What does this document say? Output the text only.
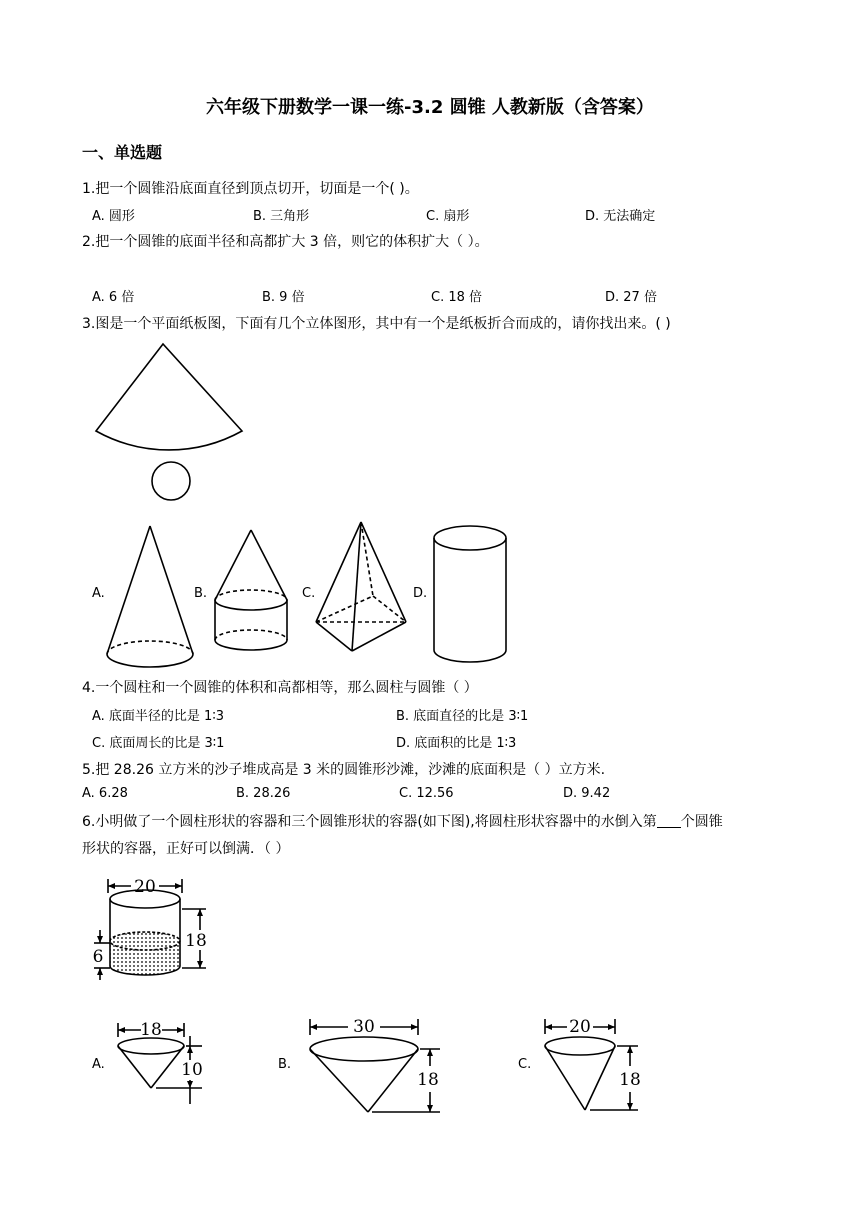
六年级下册数学一课一练-3.2 圆锥 人教新版（含答案）
一、单选题
1.把一个圆锥沿底面直径到顶点切开，切面是一个( )。
A. 圆形	B. 三角形	C. 扇形	D. 无法确定
2.把一个圆锥的底面半径和高都扩大 3 倍，则它的体积扩大（ ）。
A. 6 倍	B. 9 倍	C. 18 倍	D. 27 倍
3.图是一个平面纸板图，下面有几个立体图形，其中有一个是纸板折合而成的，请你找出来。( )
A.	B.	C.	D.
4.一个圆柱和一个圆锥的体积和高都相等，那么圆柱与圆锥（ ）
A. 底面半径的比是 1∶3	B. 底面直径的比是 3∶1
C. 底面周长的比是 3∶1	D. 底面积的比是 1∶3
5.把 28.26 立方米的沙子堆成高是 3 米的圆锥形沙滩，沙滩的底面积是（ ）立方米.
A. 6.28	B. 28.26	C. 12.56	D. 9.42
6.小明做了一个圆柱形状的容器和三个圆锥形状的容器(如下图),将圆柱形状容器中的水倒入第 个圆锥
形状的容器，正好可以倒满．（ ）
20
18
6
A.	B.	C.
18
10
30
18
20
18
